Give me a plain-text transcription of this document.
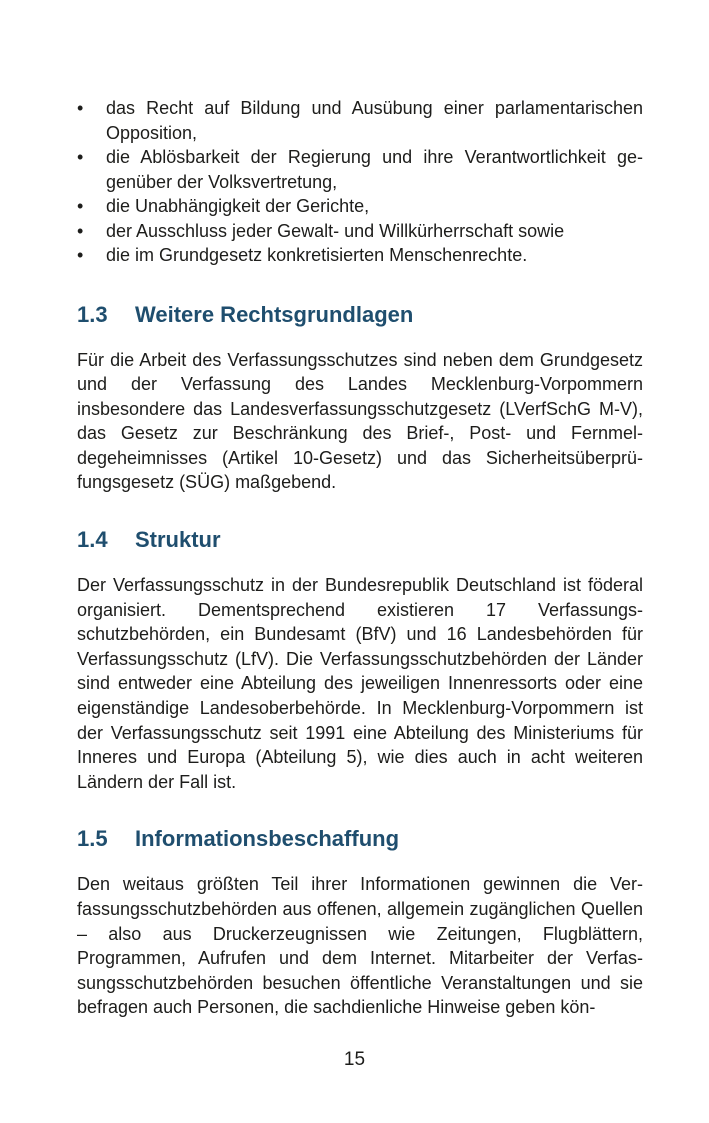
• das Recht auf Bildung und Ausübung einer parlamentarischen Opposition,
• die Ablösbarkeit der Regierung und ihre Verantwortlichkeit gegenüber der Volksvertretung,
• die Unabhängigkeit der Gerichte,
• der Ausschluss jeder Gewalt- und Willkürherrschaft sowie
• die im Grundgesetz konkretisierten Menschenrechte.
1.3	Weitere Rechtsgrundlagen

Für die Arbeit des Verfassungsschutzes sind neben dem Grundgesetz und der Verfassung des Landes Mecklenburg-Vorpommern insbesondere das Landesverfassungsschutzgesetz (LVerfSchG M-V), das Gesetz zur Beschränkung des Brief-, Post- und Fernmeldegeheimnisses (Artikel 10-Gesetz) und das Sicherheitsüberprüfungsgesetz (SÜG) maßgebend.

1.4	Struktur

Der Verfassungsschutz in der Bundesrepublik Deutschland ist föderal organisiert. Dementsprechend existieren 17 Verfassungsschutzbehörden, ein Bundesamt (BfV) und 16 Landesbehörden für Verfassungsschutz (LfV). Die Verfassungsschutzbehörden der Länder sind entweder eine Abteilung des jeweiligen Innenressorts oder eine eigenständige Landesoberbehörde. In Mecklenburg-Vorpommern ist der Verfassungsschutz seit 1991 eine Abteilung des Ministeriums für Inneres und Europa (Abteilung 5), wie dies auch in acht weiteren Ländern der Fall ist.

1.5	Informationsbeschaffung

Den weitaus größten Teil ihrer Informationen gewinnen die Verfassungsschutzbehörden aus offenen, allgemein zugänglichen Quellen – also aus Druckerzeugnissen wie Zeitungen, Flugblättern, Programmen, Aufrufen und dem Internet. Mitarbeiter der Verfassungsschutzbehörden besuchen öffentliche Veranstaltungen und sie befragen auch Personen, die sachdienliche Hinweise geben kön-

15
